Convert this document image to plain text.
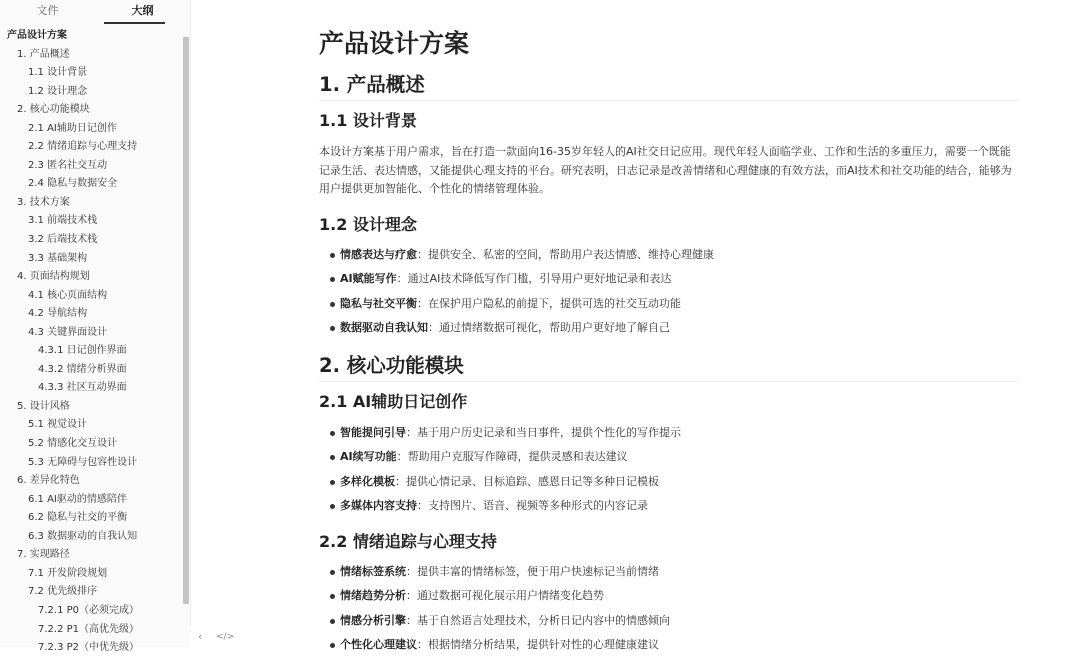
文件	大纲
产品设计方案
1. 产品概述
1.1 设计背景
1.2 设计理念
2. 核心功能模块
2.1 AI辅助日记创作
2.2 情绪追踪与心理支持
2.3 匿名社交互动
2.4 隐私与数据安全
3. 技术方案
3.1 前端技术栈
3.2 后端技术栈
3.3 基础架构
4. 页面结构规划
4.1 核心页面结构
4.2 导航结构
4.3 关键界面设计
4.3.1 日记创作界面
4.3.2 情绪分析界面
4.3.3 社区互动界面
5. 设计风格
5.1 视觉设计
5.2 情感化交互设计
5.3 无障碍与包容性设计
6. 差异化特色
6.1 AI驱动的情感陪伴
6.2 隐私与社交的平衡
6.3 数据驱动的自我认知
7. 实现路径
7.1 开发阶段规划
7.2 优先级排序
7.2.1 P0（必须完成）
7.2.2 P1（高优先级）
7.2.3 P2（中优先级）
‹ </>
产品设计方案
1. 产品概述
1.1 设计背景

本设计方案基于用户需求，旨在打造一款面向16-35岁年轻人的AI社交日记应用。现代年轻人面临学业、工作和生活的多重压力，需要一个既能记录生活、表达情感，又能提供心理支持的平台。研究表明，日志记录是改善情绪和心理健康的有效方法，而AI技术和社交功能的结合，能够为用户提供更加智能化、个性化的情绪管理体验。

1.2 设计理念
情感表达与疗愈：提供安全、私密的空间，帮助用户表达情感、维持心理健康
AI赋能写作：通过AI技术降低写作门槛，引导用户更好地记录和表达
隐私与社交平衡：在保护用户隐私的前提下，提供可选的社交互动功能
数据驱动自我认知：通过情绪数据可视化，帮助用户更好地了解自己
2. 核心功能模块
2.1 AI辅助日记创作
智能提问引导：基于用户历史记录和当日事件，提供个性化的写作提示
AI续写功能：帮助用户克服写作障碍，提供灵感和表达建议
多样化模板：提供心情记录、目标追踪、感恩日记等多种日记模板
多媒体内容支持：支持图片、语音、视频等多种形式的内容记录
2.2 情绪追踪与心理支持
情绪标签系统：提供丰富的情绪标签，便于用户快速标记当前情绪
情绪趋势分析：通过数据可视化展示用户情绪变化趋势
情感分析引擎：基于自然语言处理技术，分析日记内容中的情感倾向
个性化心理建议：根据情绪分析结果，提供针对性的心理健康建议
